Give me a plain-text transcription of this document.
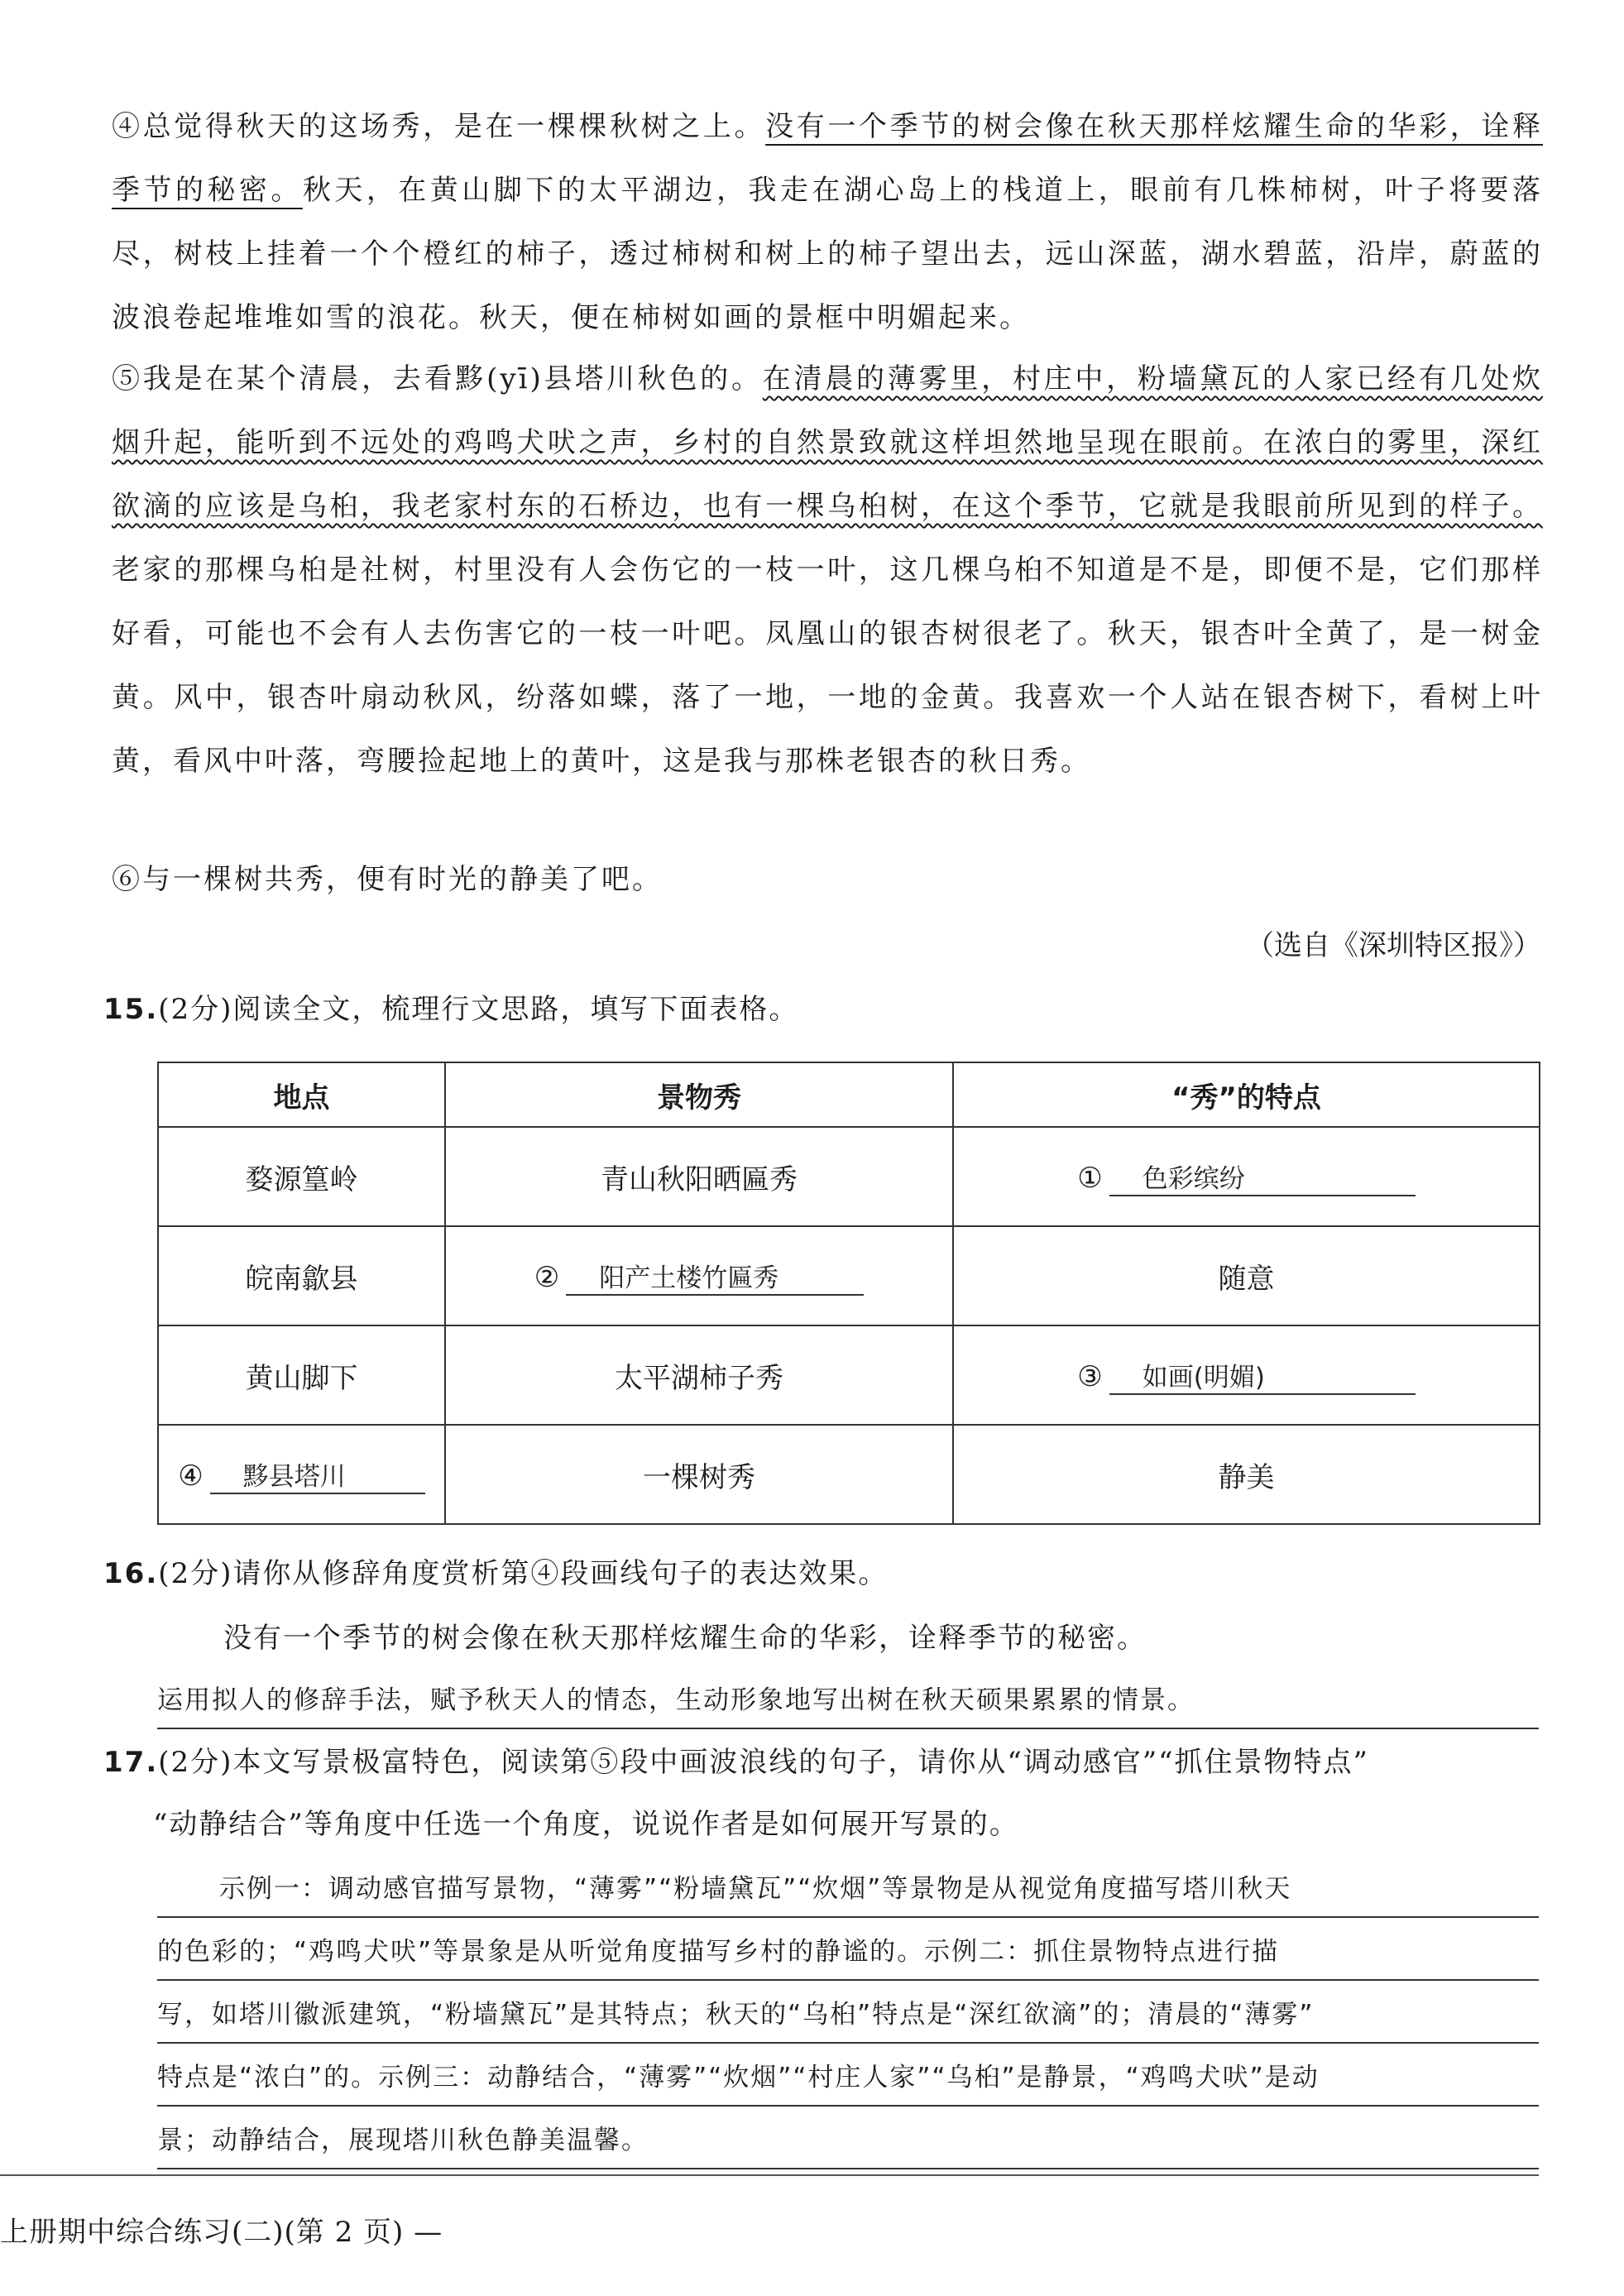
④总觉得秋天的这场秀，是在一棵棵秋树之上。没有一个季节的树会像在秋天那样炫耀生命的华彩，诠释季节的秘密。秋天，在黄山脚下的太平湖边，我走在湖心岛上的栈道上，眼前有几株柿树，叶子将要落尽，树枝上挂着一个个橙红的柿子，透过柿树和树上的柿子望出去，远山深蓝，湖水碧蓝，沿岸，蔚蓝的波浪卷起堆堆如雪的浪花。秋天，便在柿树如画的景框中明媚起来。
⑤我是在某个清晨，去看黟(yī)县塔川秋色的。在清晨的薄雾里，村庄中，粉墙黛瓦的人家已经有几处炊烟升起，能听到不远处的鸡鸣犬吠之声，乡村的自然景致就这样坦然地呈现在眼前。在浓白的雾里，深红欲滴的应该是乌桕，我老家村东的石桥边，也有一棵乌桕树，在这个季节，它就是我眼前所见到的样子。老家的那棵乌桕是社树，村里没有人会伤它的一枝一叶，这几棵乌桕不知道是不是，即便不是，它们那样好看，可能也不会有人去伤害它的一枝一叶吧。凤凰山的银杏树很老了。秋天，银杏叶全黄了，是一树金黄。风中，银杏叶扇动秋风，纷落如蝶，落了一地，一地的金黄。我喜欢一个人站在银杏树下，看树上叶黄，看风中叶落，弯腰捡起地上的黄叶，这是我与那株老银杏的秋日秀。
⑥与一棵树共秀，便有时光的静美了吧。
（选自《深圳特区报》）
15.(2分)阅读全文，梳理行文思路，填写下面表格。
地点	景物秀	“秀”的特点
婺源篁岭	青山秋阳晒匾秀	① 色彩缤纷
皖南歙县	② 阳产土楼竹匾秀	随意
黄山脚下	太平湖柿子秀	③ 如画(明媚)
④ 黟县塔川	一棵树秀	静美
16.(2分)请你从修辞角度赏析第④段画线句子的表达效果。
没有一个季节的树会像在秋天那样炫耀生命的华彩，诠释季节的秘密。
运用拟人的修辞手法，赋予秋天人的情态，生动形象地写出树在秋天硕果累累的情景。
17.(2分)本文写景极富特色，阅读第⑤段中画波浪线的句子，请你从“调动感官”“抓住景物特点”
“动静结合”等角度中任选一个角度，说说作者是如何展开写景的。
示例一：调动感官描写景物，“薄雾”“粉墙黛瓦”“炊烟”等景物是从视觉角度描写塔川秋天
的色彩的；“鸡鸣犬吠”等景象是从听觉角度描写乡村的静谧的。示例二：抓住景物特点进行描
写，如塔川徽派建筑，“粉墙黛瓦”是其特点；秋天的“乌桕”特点是“深红欲滴”的；清晨的“薄雾”
特点是“浓白”的。示例三：动静结合，“薄雾”“炊烟”“村庄人家”“乌桕”是静景，“鸡鸣犬吠”是动
景；动静结合，展现塔川秋色静美温馨。
上册期中综合练习(二)(第 2 页) —
